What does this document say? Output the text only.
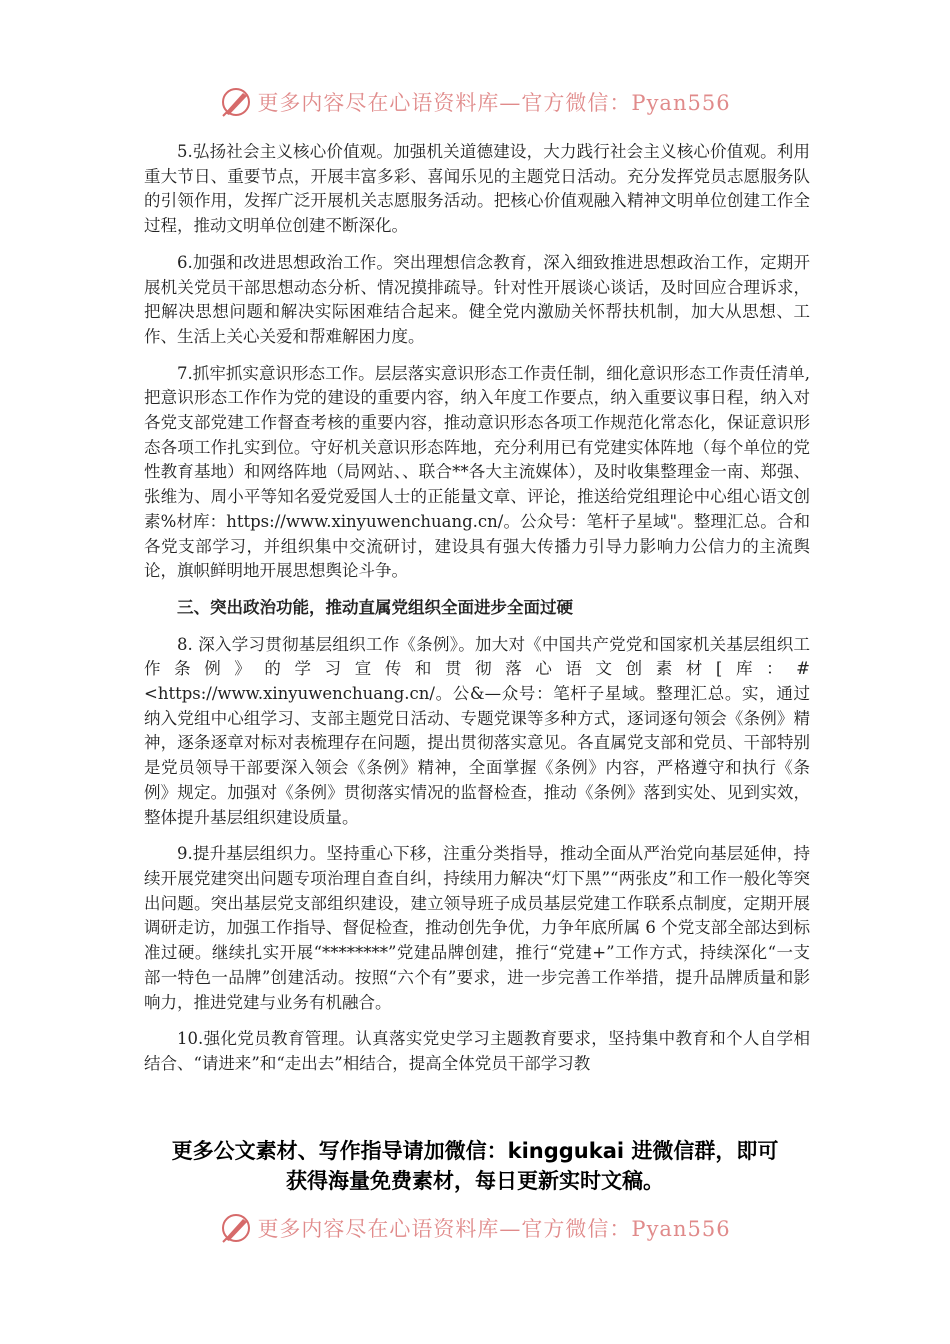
更多内容尽在心语资料库—官方微信：Pyan556

5.弘扬社会主义核心价值观。加强机关道德建设，大力践行社会主义核心价值观。利用重大节日、重要节点，开展丰富多彩、喜闻乐见的主题党日活动。充分发挥党员志愿服务队的引领作用，发挥广泛开展机关志愿服务活动。把核心价值观融入精神文明单位创建工作全过程，推动文明单位创建不断深化。

6.加强和改进思想政治工作。突出理想信念教育，深入细致推进思想政治工作，定期开展机关党员干部思想动态分析、情况摸排疏导。针对性开展谈心谈话，及时回应合理诉求，把解决思想问题和解决实际困难结合起来。健全党内激励关怀帮扶机制，加大从思想、工作、生活上关心关爱和帮难解困力度。

7.抓牢抓实意识形态工作。层层落实意识形态工作责任制，细化意识形态工作责任清单,把意识形态工作作为党的建设的重要内容，纳入年度工作要点，纳入重要议事日程，纳入对各党支部党建工作督查考核的重要内容，推动意识形态各项工作规范化常态化，保证意识形态各项工作扎实到位。守好机关意识形态阵地，充分利用已有党建实体阵地（每个单位的党性教育基地）和网络阵地（局网站、、联合**各大主流媒体），及时收集整理金一南、郑强、张维为、周小平等知名爱党爱国人士的正能量文章、评论，推送给党组理论中心组心语文创素%材库：https://www.xinyuwenchuang.cn/。公众号：笔杆子星域"。整理汇总。合和各党支部学习，并组织集中交流研讨，建设具有强大传播力引导力影响力公信力的主流舆论，旗帜鲜明地开展思想舆论斗争。

三、突出政治功能，推动直属党组织全面进步全面过硬

8. 深入学习贯彻基层组织工作《条例》。加大对《中国共产党党和国家机关基层组织工作条例》的学习宣传和贯彻落心语文创素材[库：#<https://www.xinyuwenchuang.cn/。公&—众号：笔杆子星域。整理汇总。实，通过纳入党组中心组学习、支部主题党日活动、专题党课等多种方式，逐词逐句领会《条例》精神，逐条逐章对标对表梳理存在问题，提出贯彻落实意见。各直属党支部和党员、干部特别是党员领导干部要深入领会《条例》精神，全面掌握《条例》内容，严格遵守和执行《条例》规定。加强对《条例》贯彻落实情况的监督检查，推动《条例》落到实处、见到实效，整体提升基层组织建设质量。

9.提升基层组织力。坚持重心下移，注重分类指导，推动全面从严治党向基层延伸，持续开展党建突出问题专项治理自查自纠，持续用力解决“灯下黑”“两张皮”和工作一般化等突出问题。突出基层党支部组织建设，建立领导班子成员基层党建工作联系点制度，定期开展调研走访，加强工作指导、督促检查，推动创先争优，力争年底所属 6 个党支部全部达到标准过硬。继续扎实开展“********”党建品牌创建，推行“党建+”工作方式，持续深化“一支部一特色一品牌”创建活动。按照“六个有”要求，进一步完善工作举措，提升品牌质量和影响力，推进党建与业务有机融合。

10.强化党员教育管理。认真落实党史学习主题教育要求，坚持集中教育和个人自学相结合、“请进来”和“走出去”相结合，提高全体党员干部学习教

更多公文素材、写作指导请加微信：kinggukai 进微信群，即可
获得海量免费素材，每日更新实时文稿。
更多内容尽在心语资料库—官方微信：Pyan556
